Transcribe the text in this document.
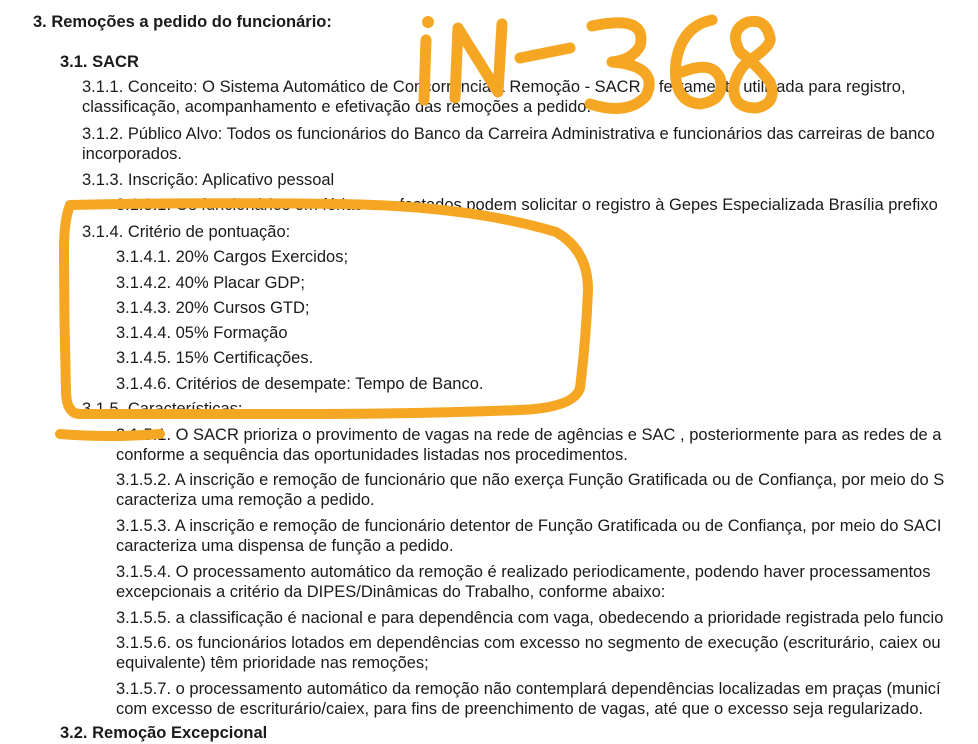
3. Remoções a pedido do funcionário:
3.1. SACR
3.1.1. Conceito: O Sistema Automático de Concorrência à Remoção - SACR é ferramenta utilizada para registro,
classificação, acompanhamento e efetivação das remoções a pedido.
3.1.2. Público Alvo: Todos os funcionários do Banco da Carreira Administrativa e funcionários das carreiras de banco
incorporados.
3.1.3. Inscrição: Aplicativo pessoal
3.1.3.1. Os funcionários em férias ou afastados podem solicitar o registro à Gepes Especializada Brasília prefixo
3.1.4. Critério de pontuação:
3.1.4.1. 20% Cargos Exercidos;
3.1.4.2. 40% Placar GDP;
3.1.4.3. 20% Cursos GTD;
3.1.4.4. 05% Formação
3.1.4.5. 15% Certificações.
3.1.4.6. Critérios de desempate: Tempo de Banco.
3.1.5. Características:
3.1.5.1. O SACR prioriza o provimento de vagas na rede de agências e SAC , posteriormente para as redes de a
conforme a sequência das oportunidades listadas nos procedimentos.
3.1.5.2. A inscrição e remoção de funcionário que não exerça Função Gratificada ou de Confiança, por meio do S
caracteriza uma remoção a pedido.
3.1.5.3. A inscrição e remoção de funcionário detentor de Função Gratificada ou de Confiança, por meio do SACI
caracteriza uma dispensa de função a pedido.
3.1.5.4. O processamento automático da remoção é realizado periodicamente, podendo haver processamentos
excepcionais a critério da DIPES/Dinâmicas do Trabalho, conforme abaixo:
3.1.5.5. a classificação é nacional e para dependência com vaga, obedecendo a prioridade registrada pelo funcio
3.1.5.6. os funcionários lotados em dependências com excesso no segmento de execução (escriturário, caiex ou
equivalente) têm prioridade nas remoções;
3.1.5.7. o processamento automático da remoção não contemplará dependências localizadas em praças (municí
com excesso de escriturário/caiex, para fins de preenchimento de vagas, até que o excesso seja regularizado.
3.2. Remoção Excepcional
